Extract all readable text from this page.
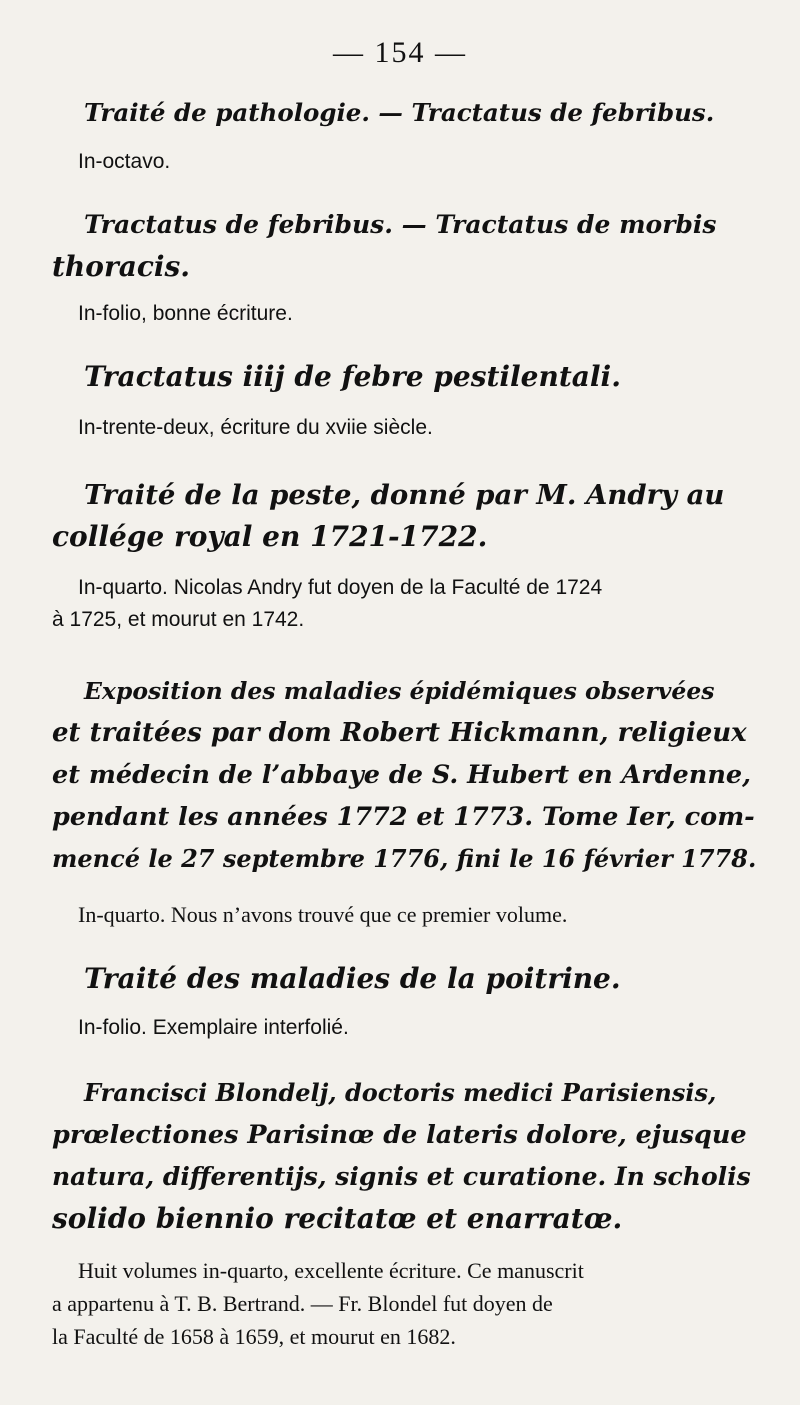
— 154 —
Traité de pathologie. — Tractatus de febribus.
In-octavo.
Tractatus de febribus. — Tractatus de morbis
thoracis.
In-folio, bonne écriture.
Tractatus iiij de febre pestilentali.
In-trente-deux, écriture du xviie siècle.
Traité de la peste, donné par M. Andry au
collége royal en 1721-1722.
In-quarto. Nicolas Andry fut doyen de la Faculté de 1724
à 1725, et mourut en 1742.
Exposition des maladies épidémiques observées
et traitées par dom Robert Hickmann, religieux
et médecin de l’abbaye de S. Hubert en Ardenne,
pendant les années 1772 et 1773. Tome Ier, com-
mencé le 27 septembre 1776, fini le 16 février 1778.
In-quarto. Nous n’avons trouvé que ce premier volume.
Traité des maladies de la poitrine.
In-folio. Exemplaire interfolié.
Francisci Blondelj, doctoris medici Parisiensis,
prœlectiones Parisinœ de lateris dolore, ejusque
natura, differentijs, signis et curatione. In scholis
solido biennio recitatœ et enarratœ.
Huit volumes in-quarto, excellente écriture. Ce manuscrit
a appartenu à T. B. Bertrand. — Fr. Blondel fut doyen de
la Faculté de 1658 à 1659, et mourut en 1682.
